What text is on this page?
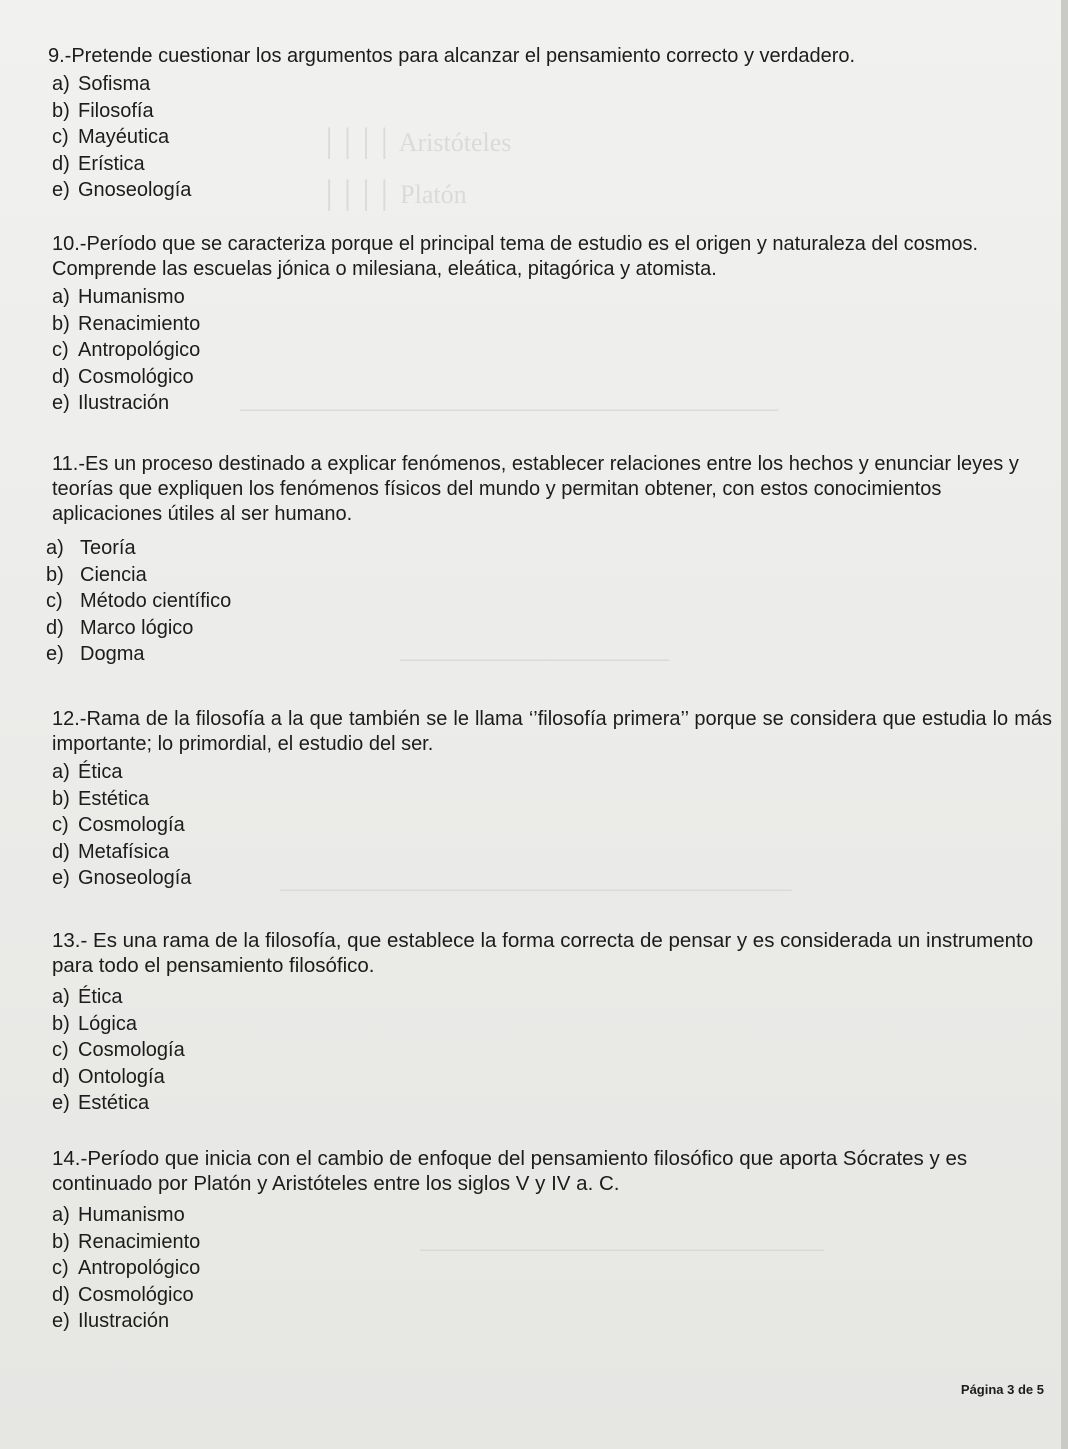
││││ Aristóteles
││││ Platón
────────────────────────────────────────
────────────────────
──────────────────────────────────────
──────────────────────────────

9.-Pretende cuestionar los argumentos para alcanzar el pensamiento correcto y verdadero.

a) Sofisma
b) Filosofía
c) Mayéutica
d) Erística
e) Gnoseología

10.-Período que se caracteriza porque el principal tema de estudio es el origen y naturaleza del cosmos. Comprende las escuelas jónica o milesiana, eleática, pitagórica y atomista.

a) Humanismo
b) Renacimiento
c) Antropológico
d) Cosmológico
e) Ilustración

11.-Es un proceso destinado a explicar fenómenos, establecer relaciones entre los hechos y enunciar leyes y teorías que expliquen los fenómenos físicos del mundo y permitan obtener, con estos conocimientos aplicaciones útiles al ser humano.

a) Teoría
b) Ciencia
c) Método científico
d) Marco lógico
e) Dogma

12.-Rama de la filosofía a la que también se le llama ‘’filosofía primera’’ porque se considera que estudia lo más importante; lo primordial, el estudio del ser.

a) Ética
b) Estética
c) Cosmología
d) Metafísica
e) Gnoseología

13.- Es una rama de la filosofía, que establece la forma correcta de pensar y es considerada un instrumento para todo el pensamiento filosófico.

a) Ética
b) Lógica
c) Cosmología
d) Ontología
e) Estética

14.-Período que inicia con el cambio de enfoque del pensamiento filosófico que aporta Sócrates y es continuado por Platón y Aristóteles entre los siglos V y IV a. C.

a) Humanismo
b) Renacimiento
c) Antropológico
d) Cosmológico
e) Ilustración
Página 3 de 5
